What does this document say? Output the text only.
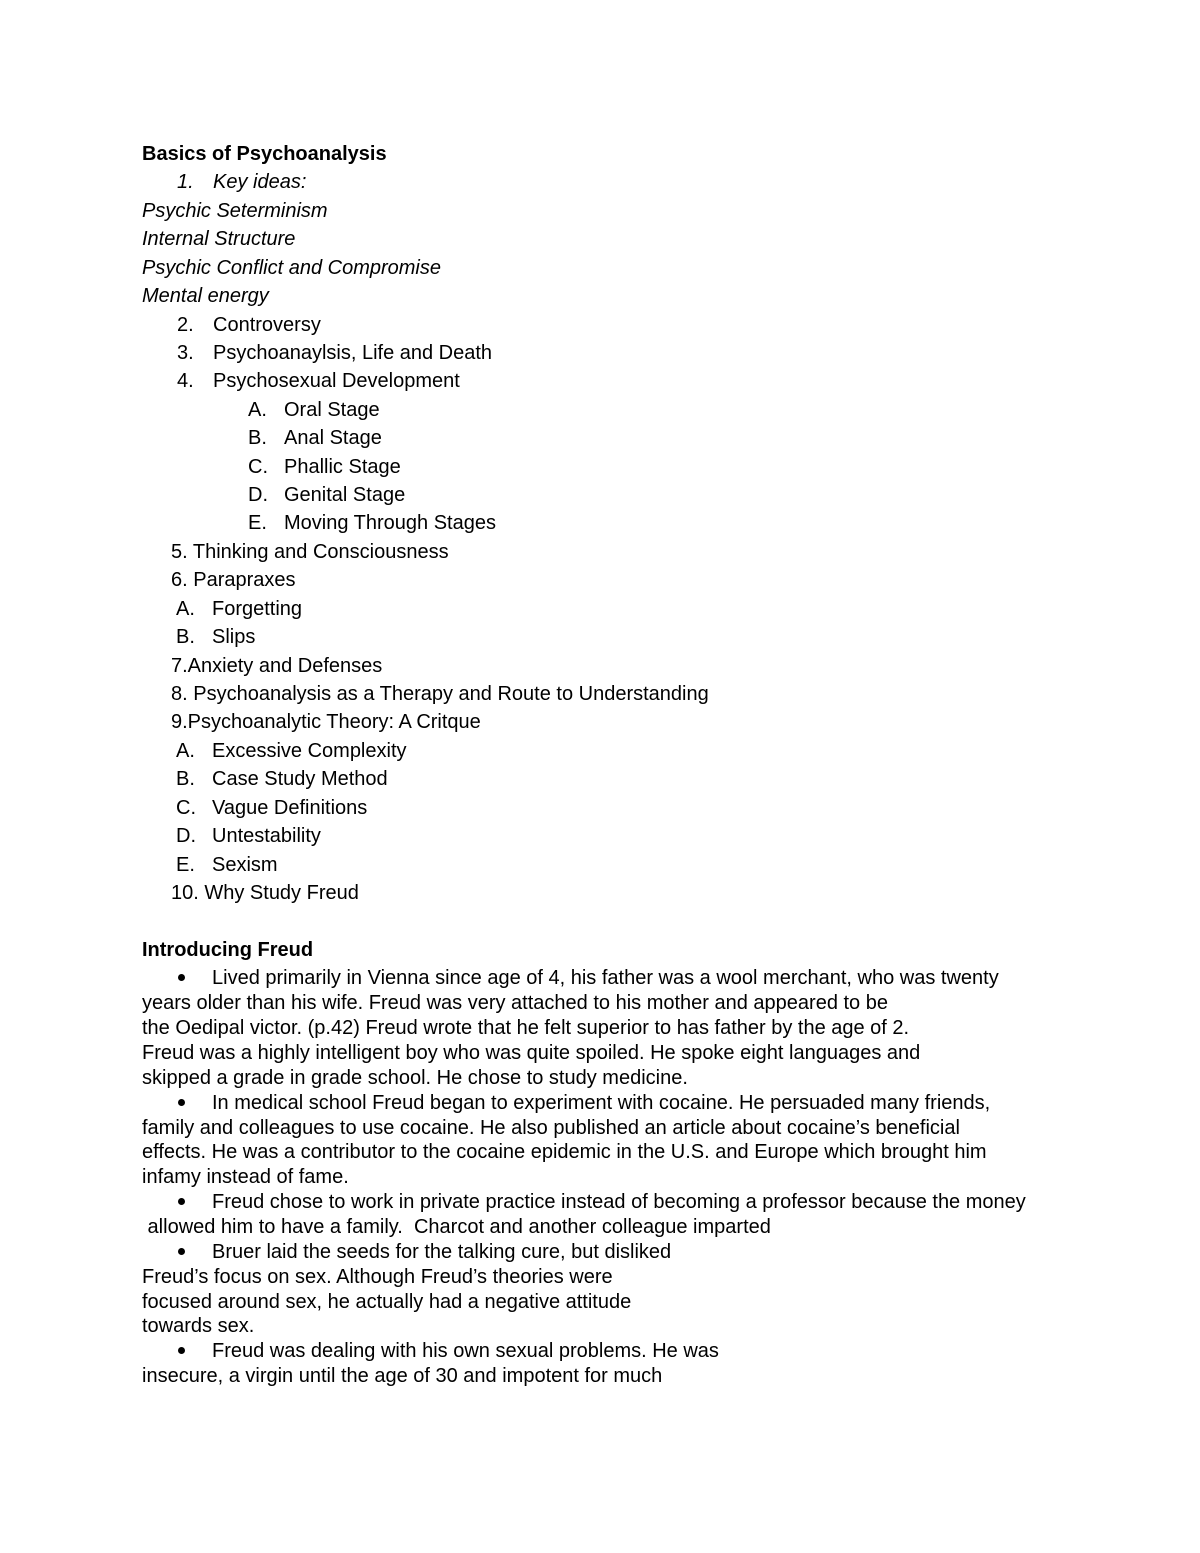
Basics of Psychoanalysis
1. Key ideas:
Psychic Seterminism
Internal Structure
Psychic Conflict and Compromise
Mental energy
2. Controversy
3. Psychoanaylsis, Life and Death
4. Psychosexual Development
A. Oral Stage
B. Anal Stage
C. Phallic Stage
D. Genital Stage
E. Moving Through Stages
5. Thinking and Consciousness
6. Parapraxes
A. Forgetting
B. Slips
7.Anxiety and Defenses
8. Psychoanalysis as a Therapy and Route to Understanding
9.Psychoanalytic Theory: A Critque
A. Excessive Complexity
B. Case Study Method
C. Vague Definitions
D. Untestability
E. Sexism
10. Why Study Freud
Introducing Freud
Lived primarily in Vienna since age of 4, his father was a wool merchant, who was twenty
years older than his wife. Freud was very attached to his mother and appeared to be
the Oedipal victor. (p.42) Freud wrote that he felt superior to has father by the age of 2.
Freud was a highly intelligent boy who was quite spoiled. He spoke eight languages and
skipped a grade in grade school. He chose to study medicine.
In medical school Freud began to experiment with cocaine. He persuaded many friends,
family and colleagues to use cocaine. He also published an article about cocaine’s beneficial
effects. He was a contributor to the cocaine epidemic in the U.S. and Europe which brought him
infamy instead of fame.
Freud chose to work in private practice instead of becoming a professor because the money
allowed him to have a family.  Charcot and another colleague imparted
Bruer laid the seeds for the talking cure, but disliked
Freud’s focus on sex. Although Freud’s theories were
focused around sex, he actually had a negative attitude
towards sex.
Freud was dealing with his own sexual problems. He was
insecure, a virgin until the age of 30 and impotent for much
